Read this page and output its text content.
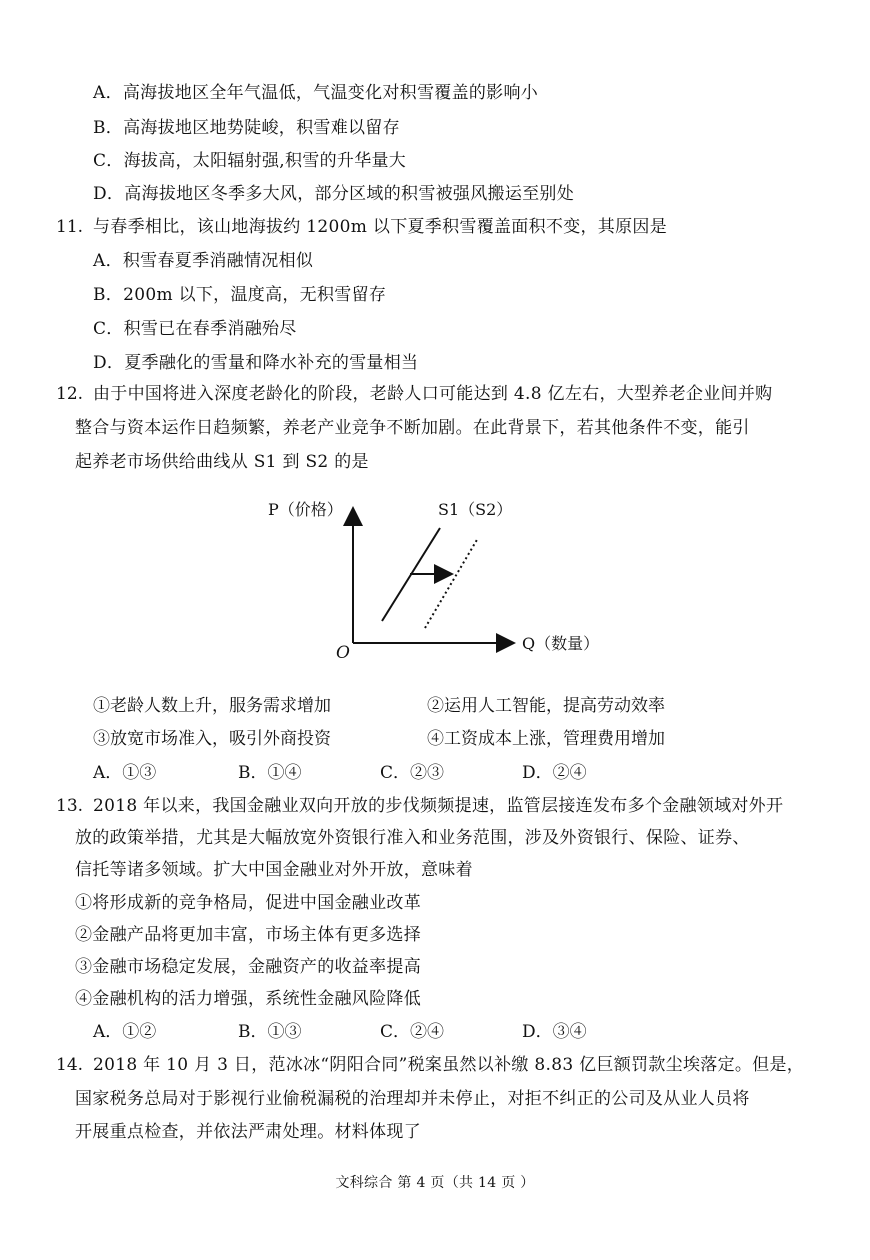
A．高海拔地区全年气温低，气温变化对积雪覆盖的影响小
B．高海拔地区地势陡峻，积雪难以留存
C．海拔高，太阳辐射强,积雪的升华量大
D．高海拔地区冬季多大风，部分区域的积雪被强风搬运至别处
11. 与春季相比，该山地海拔约 1200m 以下夏季积雪覆盖面积不变，其原因是
A．积雪春夏季消融情况相似
B．200m 以下，温度高，无积雪留存
C．积雪已在春季消融殆尽
D．夏季融化的雪量和降水补充的雪量相当
12. 由于中国将进入深度老龄化的阶段，老龄人口可能达到 4.8 亿左右，大型养老企业间并购
整合与资本运作日趋频繁，养老产业竞争不断加剧。在此背景下，若其他条件不变，能引
起养老市场供给曲线从 S1 到 S2 的是
P（价格）	S1（S2）
O	Q（数量）
①老龄人数上升，服务需求增加	②运用人工智能，提高劳动效率
③放宽市场准入，吸引外商投资	④工资成本上涨，管理费用增加
A．①③	B．①④	C．②③	D．②④
13. 2018 年以来，我国金融业双向开放的步伐频频提速，监管层接连发布多个金融领域对外开
放的政策举措，尤其是大幅放宽外资银行准入和业务范围，涉及外资银行、保险、证券、
信托等诸多领域。扩大中国金融业对外开放，意味着
①将形成新的竞争格局，促进中国金融业改革
②金融产品将更加丰富，市场主体有更多选择
③金融市场稳定发展，金融资产的收益率提高
④金融机构的活力增强，系统性金融风险降低
A．①②	B．①③	C．②④	D．③④
14. 2018 年 10 月 3 日，范冰冰“阴阳合同”税案虽然以补缴 8.83 亿巨额罚款尘埃落定。但是，
国家税务总局对于影视行业偷税漏税的治理却并未停止，对拒不纠正的公司及从业人员将
开展重点检查，并依法严肃处理。材料体现了
文科综合 第 4 页（共 14 页 ）
